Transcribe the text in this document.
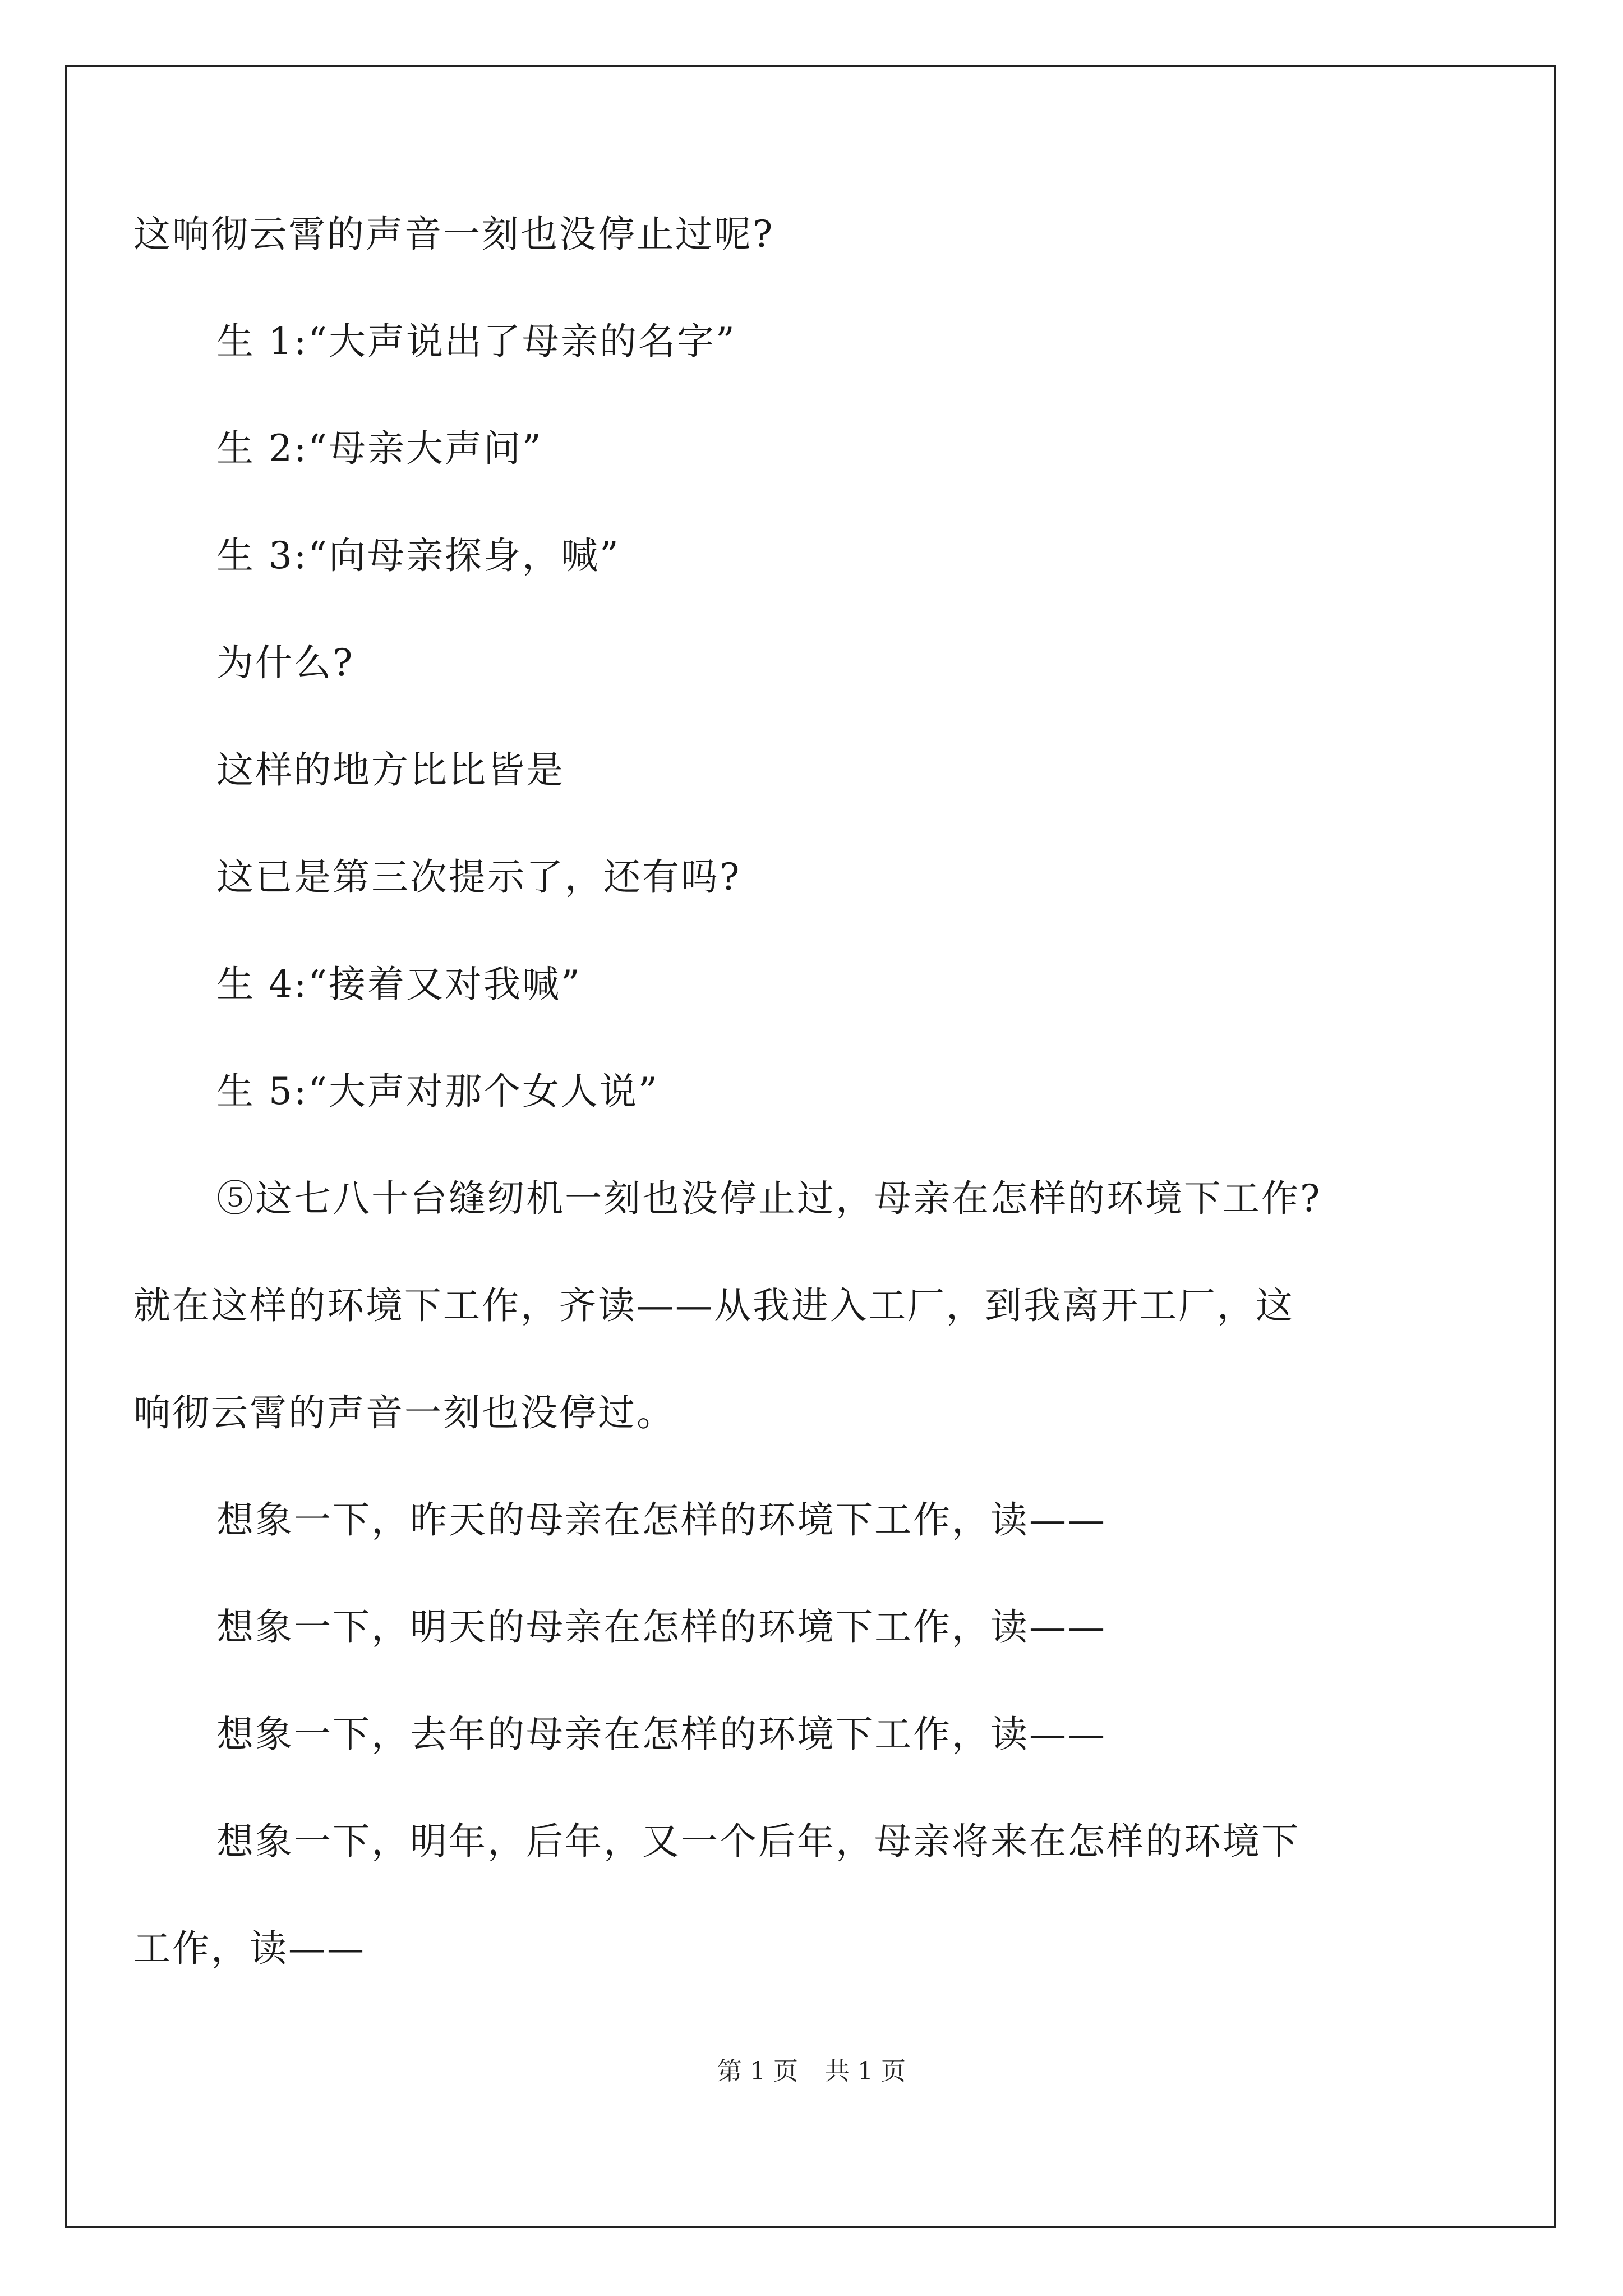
这响彻云霄的声音一刻也没停止过呢?

生 1:“大声说出了母亲的名字”

生 2:“母亲大声问”

生 3:“向母亲探身，喊”

为什么?

这样的地方比比皆是

这已是第三次提示了，还有吗?

生 4:“接着又对我喊”

生 5:“大声对那个女人说”

⑤这七八十台缝纫机一刻也没停止过，母亲在怎样的环境下工作?

就在这样的环境下工作，齐读——从我进入工厂，到我离开工厂，这

响彻云霄的声音一刻也没停过。

想象一下，昨天的母亲在怎样的环境下工作，读——

想象一下，明天的母亲在怎样的环境下工作，读——

想象一下，去年的母亲在怎样的环境下工作，读——

想象一下，明年，后年，又一个后年，母亲将来在怎样的环境下

工作，读——

第 1 页 共 1 页
